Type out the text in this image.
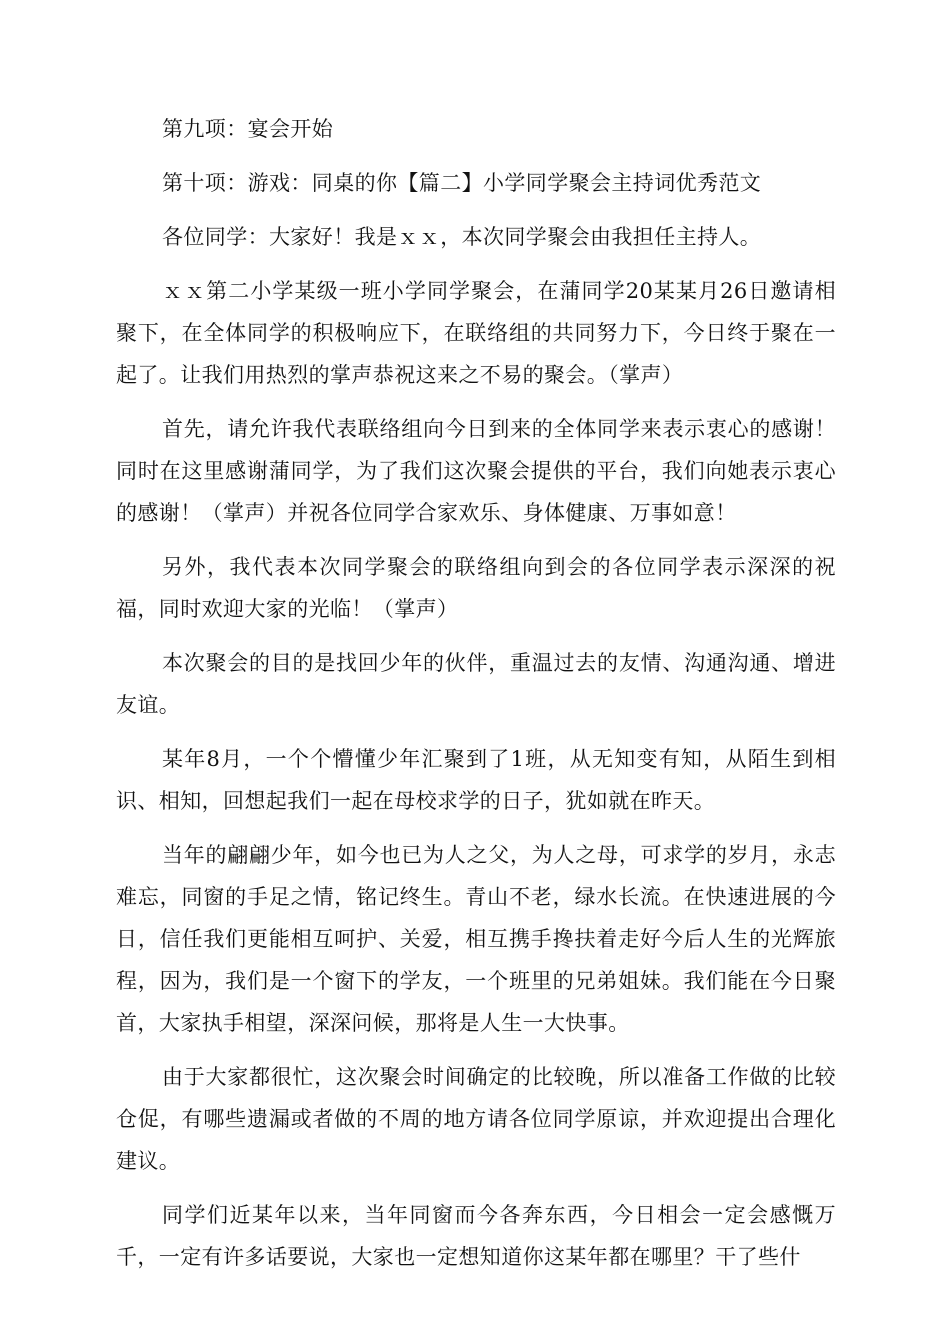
第九项：宴会开始

第十项：游戏：同桌的你【篇二】小学同学聚会主持词优秀范文

各位同学：大家好！我是ｘｘ，本次同学聚会由我担任主持人。

ｘｘ第二小学某级一班小学同学聚会，在蒲同学20某某月26日邀请相聚下，在全体同学的积极响应下，在联络组的共同努力下，今日终于聚在一起了。让我们用热烈的掌声恭祝这来之不易的聚会。（掌声）

首先，请允许我代表联络组向今日到来的全体同学来表示衷心的感谢！同时在这里感谢蒲同学，为了我们这次聚会提供的平台，我们向她表示衷心的感谢！（掌声）并祝各位同学合家欢乐、身体健康、万事如意！

另外，我代表本次同学聚会的联络组向到会的各位同学表示深深的祝福，同时欢迎大家的光临！（掌声）

本次聚会的目的是找回少年的伙伴，重温过去的友情、沟通沟通、增进友谊。

某年8月，一个个懵懂少年汇聚到了1班，从无知变有知，从陌生到相识、相知，回想起我们一起在母校求学的日子，犹如就在昨天。

当年的翩翩少年，如今也已为人之父，为人之母，可求学的岁月，永志难忘，同窗的手足之情，铭记终生。青山不老，绿水长流。在快速进展的今日，信任我们更能相互呵护、关爱，相互携手搀扶着走好今后人生的光辉旅程，因为，我们是一个窗下的学友，一个班里的兄弟姐妹。我们能在今日聚首，大家执手相望，深深问候，那将是人生一大快事。

由于大家都很忙，这次聚会时间确定的比较晚，所以准备工作做的比较仓促，有哪些遗漏或者做的不周的地方请各位同学原谅，并欢迎提出合理化建议。

同学们近某年以来，当年同窗而今各奔东西，今日相会一定会感慨万千，一定有许多话要说，大家也一定想知道你这某年都在哪里？干了些什
